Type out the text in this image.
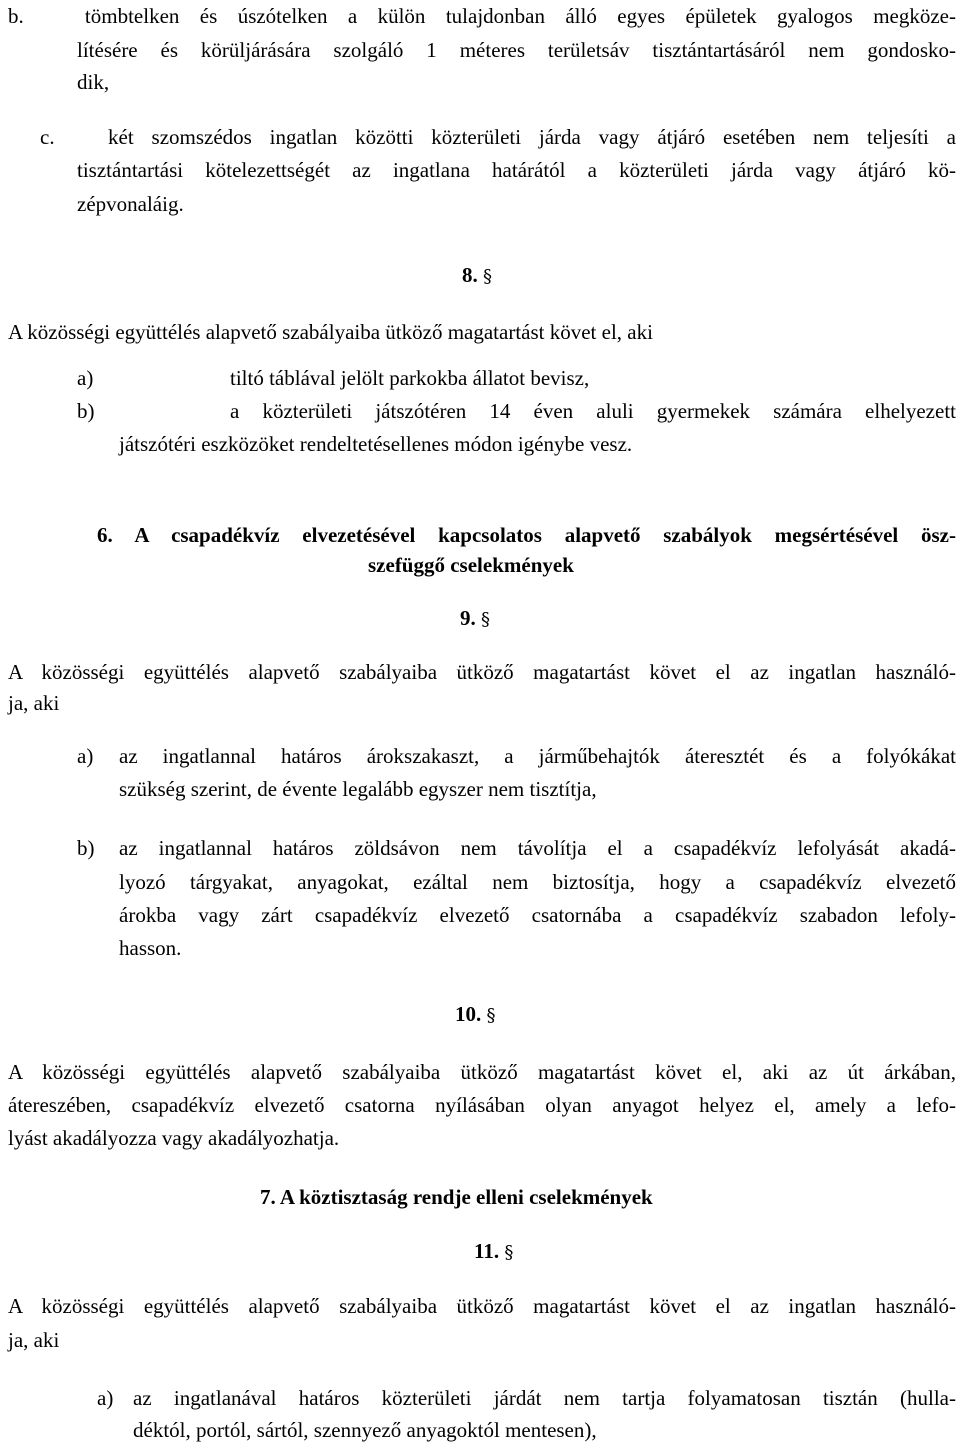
b.   tömbtelken és úszótelken a külön tulajdonban álló egyes épületek gyalogos megköze-

lítésére és körüljárására szolgáló 1 méteres területsáv tisztántartásáról nem gondosko-

dik,

c.   két szomszédos ingatlan közötti közterületi járda vagy átjáró esetében nem teljesíti a

tisztántartási kötelezettségét az ingatlana határától a közterületi járda vagy átjáró kö-

zépvonaláig.

8. §

A közösségi együttélés alapvető szabályaiba ütköző magatartást követ el, aki

a)	tiltó táblával jelölt parkokba állatot bevisz,

b)	a közterületi játszótéren 14 éven aluli gyermekek számára elhelyezett

játszótéri eszközöket rendeltetésellenes módon igénybe vesz.

6. A csapadékvíz elvezetésével kapcsolatos alapvető szabályok megsértésével ösz-

szefüggő cselekmények

9. §

A közösségi együttélés alapvető szabályaiba ütköző magatartást követ el az ingatlan használó-

ja, aki

a) az ingatlannal határos árokszakaszt, a járműbehajtók áteresztét és a folyókákat

szükség szerint, de évente legalább egyszer nem tisztítja,

b) az ingatlannal határos zöldsávon nem távolítja el a csapadékvíz lefolyását akadá-

lyozó tárgyakat, anyagokat, ezáltal nem biztosítja, hogy a csapadékvíz elvezető

árokba vagy zárt csapadékvíz elvezető csatornába a csapadékvíz szabadon lefoly-

hasson.

10. §

A közösségi együttélés alapvető szabályaiba ütköző magatartást követ el, aki az út árkában,

átereszében, csapadékvíz elvezető csatorna nyílásában olyan anyagot helyez el, amely a lefo-

lyást akadályozza vagy akadályozhatja.

7. A köztisztaság rendje elleni cselekmények

11. §

A közösségi együttélés alapvető szabályaiba ütköző magatartást követ el az ingatlan használó-

ja, aki

a) az ingatlanával határos közterületi járdát nem tartja folyamatosan tisztán (hulla-

déktól, portól, sártól, szennyező anyagoktól mentesen),
